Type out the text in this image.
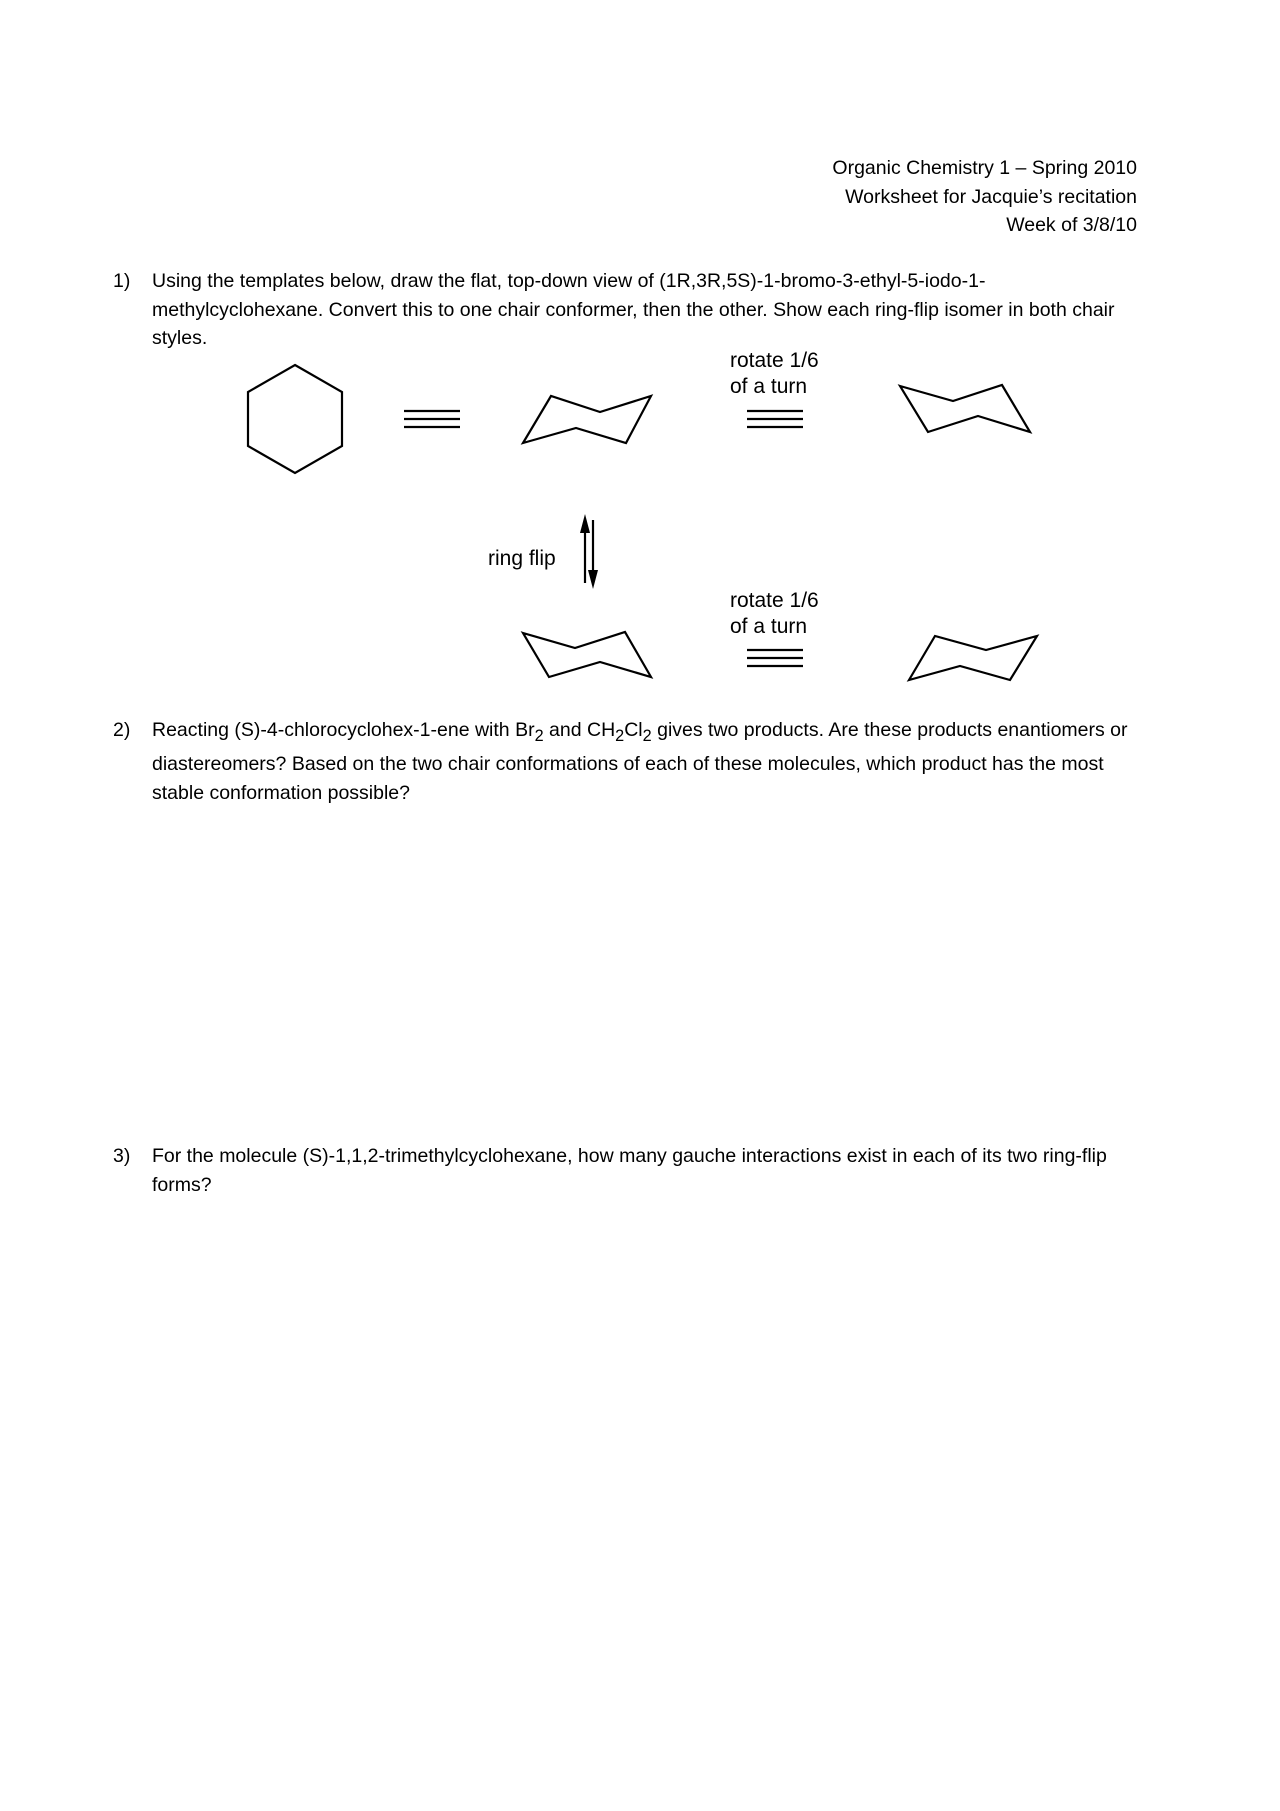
Organic Chemistry 1 – Spring 2010
Worksheet for Jacquie’s recitation
Week of 3/8/10
1) Using the templates below, draw the flat, top-down view of (1R,3R,5S)-1-bromo-3-ethyl-5-iodo-1-methylcyclohexane. Convert this to one chair conformer, then the other. Show each ring-flip isomer in both chair styles.
2) Reacting (S)-4-chlorocyclohex-1-ene with $Br_2$ and $CH_2Cl_2$ gives two products. Are these products enantiomers or diastereomers? Based on the two chair conformations of each of these molecules, which product has the most stable conformation possible?
3) For the molecule (S)-1,1,2-trimethylcyclohexane, how many gauche interactions exist in each of its two ring-flip forms?
rotate 1/6
of a turn
ring flip
rotate 1/6
of a turn
